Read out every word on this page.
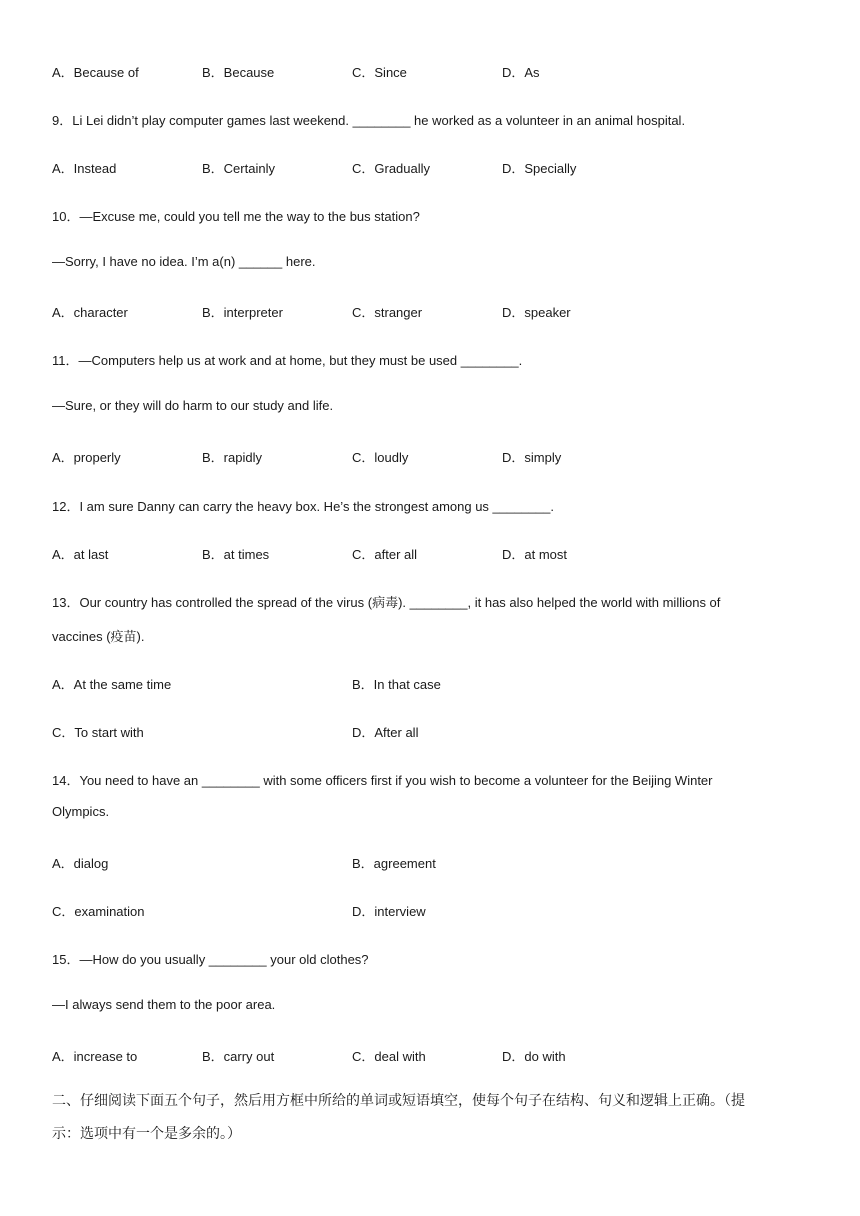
A．Because of	B．Because	C．Since	D．As
9．Li Lei didn’t play computer games last weekend. ________ he worked as a volunteer in an animal hospital.
A．Instead	B．Certainly	C．Gradually	D．Specially
10．—Excuse me, could you tell me the way to the bus station?
—Sorry, I have no idea. I’m a(n) ______ here.
A．character	B．interpreter	C．stranger	D．speaker
11．—Computers help us at work and at home, but they must be used ________.
—Sure, or they will do harm to our study and life.
A．properly	B．rapidly	C．loudly	D．simply
12．I am sure Danny can carry the heavy box. He’s the strongest among us ________.
A．at last	B．at times	C．after all	D．at most
13．Our country has controlled the spread of the virus (病毒). ________, it has also helped the world with millions of
vaccines (疫苗).
A．At the same time	B．In that case
C．To start with	D．After all
14．You need to have an ________ with some officers first if you wish to become a volunteer for the Beijing Winter
Olympics.
A．dialog	B．agreement
C．examination	D．interview
15．—How do you usually ________ your old clothes?
—I always send them to the poor area.
A．increase to	B．carry out	C．deal with	D．do with
二、仔细阅读下面五个句子，然后用方框中所给的单词或短语填空，使每个句子在结构、句义和逻辑上正确。（提
示：选项中有一个是多余的。）
